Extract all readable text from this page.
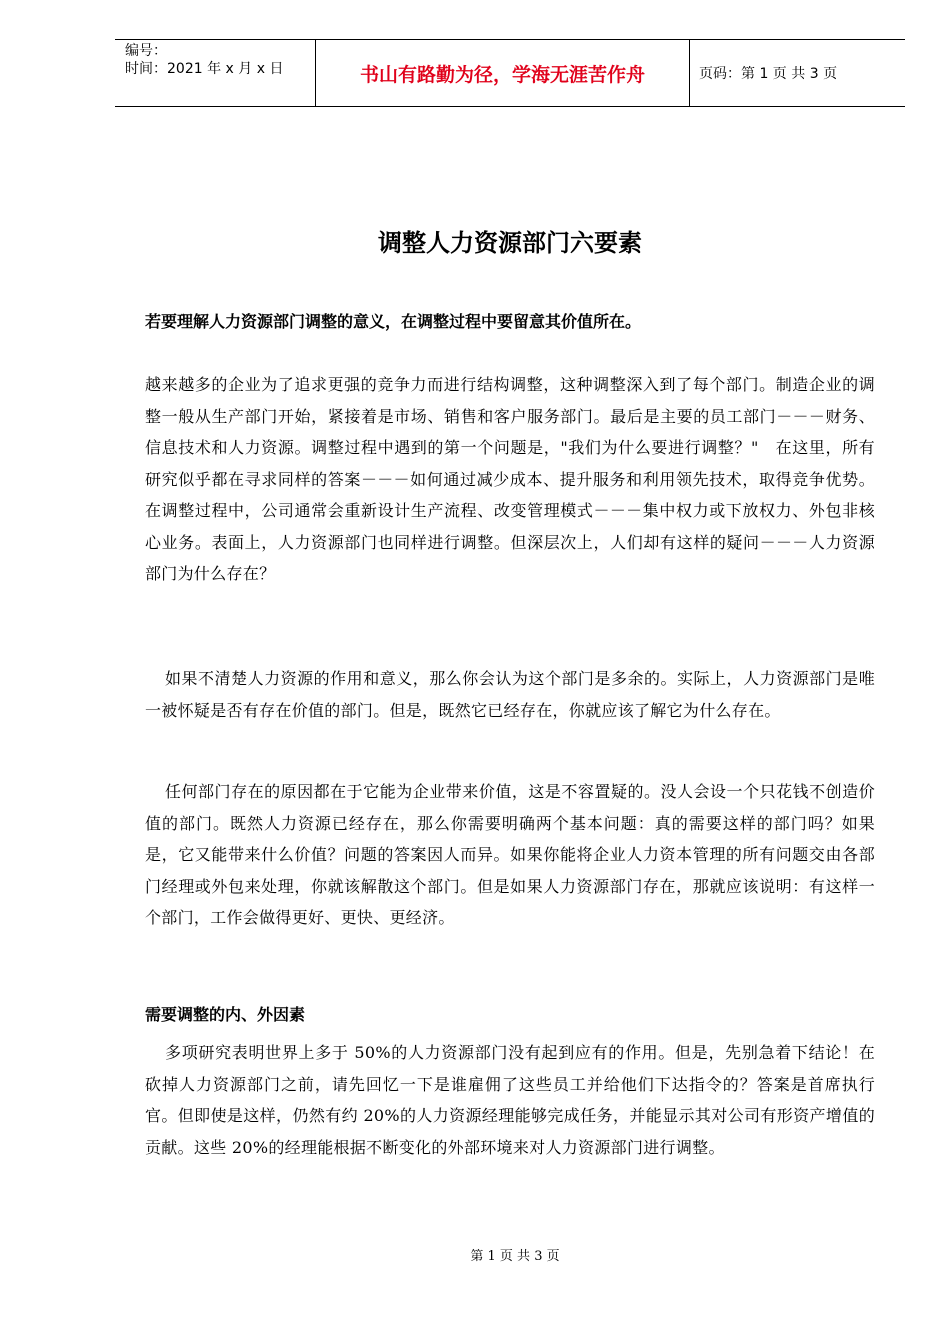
编号：
时间：2021 年 x 月 x 日	书山有路勤为径，学海无涯苦作舟	页码：第 1 页 共 3 页
调整人力资源部门六要素
若要理解人力资源部门调整的意义，在调整过程中要留意其价值所在。
越来越多的企业为了追求更强的竞争力而进行结构调整，这种调整深入到了每个部门。制造企业的调整一般从生产部门开始，紧接着是市场、销售和客户服务部门。最后是主要的员工部门－－－财务、信息技术和人力资源。调整过程中遇到的第一个问题是，"我们为什么要进行调整？"　在这里，所有研究似乎都在寻求同样的答案－－－如何通过减少成本、提升服务和利用领先技术，取得竞争优势。在调整过程中，公司通常会重新设计生产流程、改变管理模式－－－集中权力或下放权力、外包非核心业务。表面上，人力资源部门也同样进行调整。但深层次上，人们却有这样的疑问－－－人力资源部门为什么存在？
如果不清楚人力资源的作用和意义，那么你会认为这个部门是多余的。实际上，人力资源部门是唯一被怀疑是否有存在价值的部门。但是，既然它已经存在，你就应该了解它为什么存在。
任何部门存在的原因都在于它能为企业带来价值，这是不容置疑的。没人会设一个只花钱不创造价值的部门。既然人力资源已经存在，那么你需要明确两个基本问题：真的需要这样的部门吗？如果是，它又能带来什么价值？问题的答案因人而异。如果你能将企业人力资本管理的所有问题交由各部门经理或外包来处理，你就该解散这个部门。但是如果人力资源部门存在，那就应该说明：有这样一个部门，工作会做得更好、更快、更经济。
需要调整的内、外因素
多项研究表明世界上多于 50%的人力资源部门没有起到应有的作用。但是，先别急着下结论！在砍掉人力资源部门之前，请先回忆一下是谁雇佣了这些员工并给他们下达指令的？答案是首席执行官。但即使是这样，仍然有约 20%的人力资源经理能够完成任务，并能显示其对公司有形资产增值的贡献。这些 20%的经理能根据不断变化的外部环境来对人力资源部门进行调整。
第 1 页 共 3 页
